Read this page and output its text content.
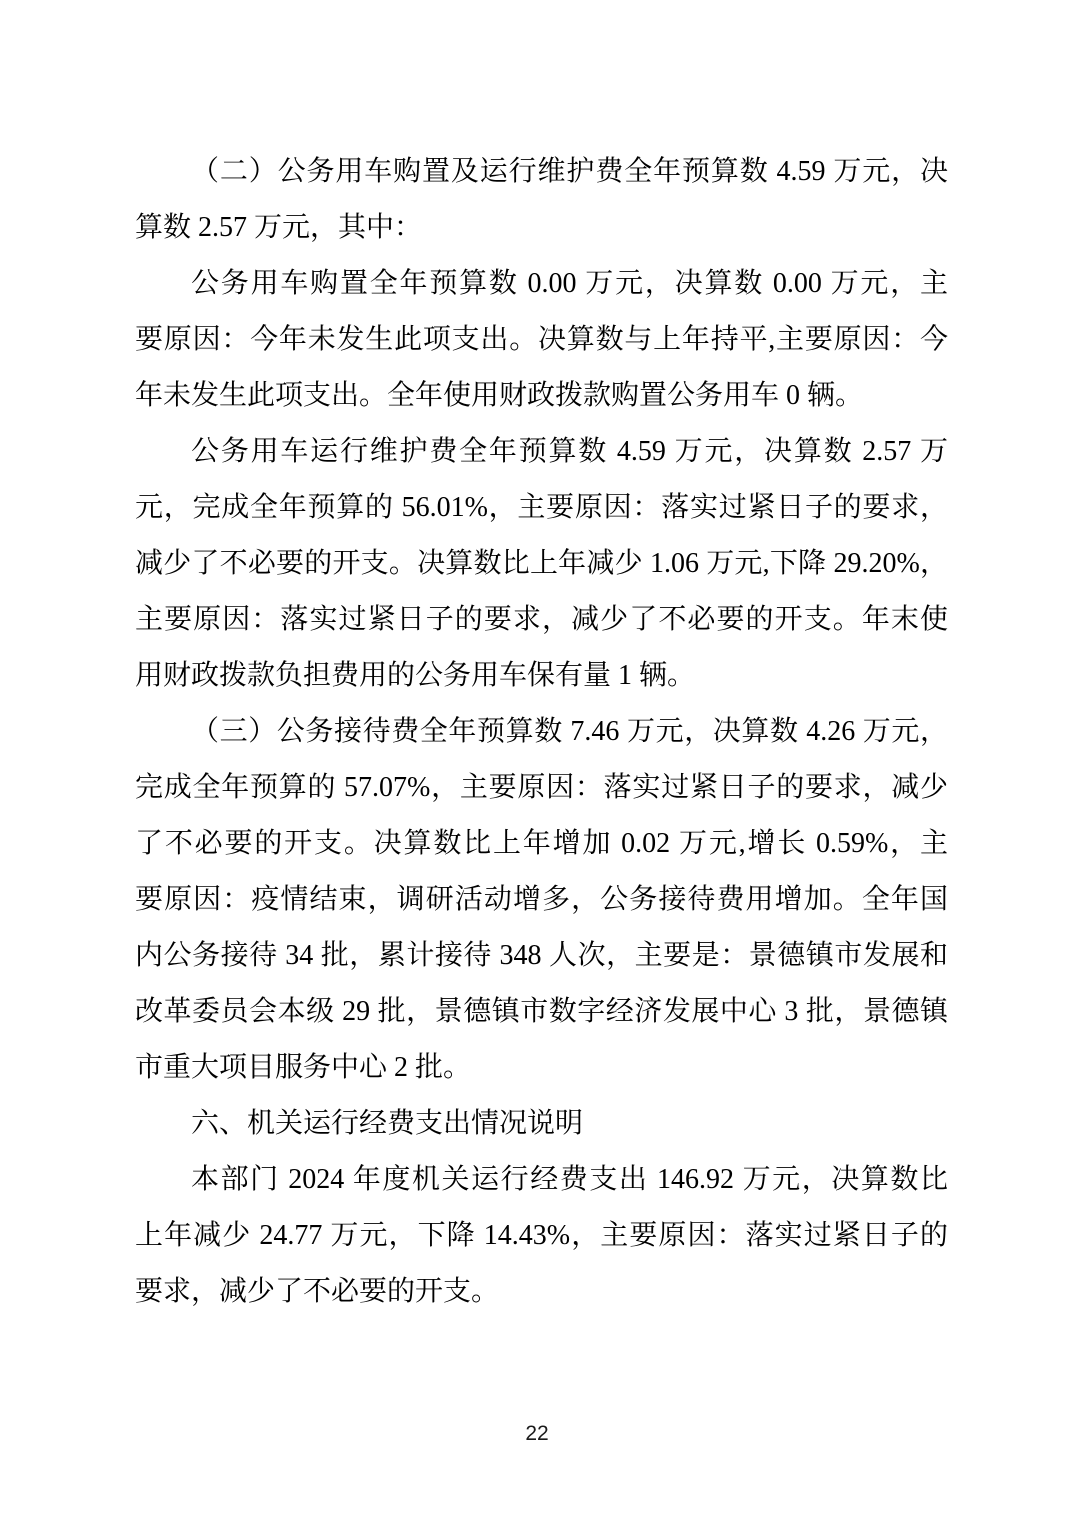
（二）公务用车购置及运行维护费全年预算数 4.59 万元，决
算数 2.57 万元，其中：
公务用车购置全年预算数 0.00 万元，决算数 0.00 万元，主
要原因：今年未发生此项支出。决算数与上年持平,主要原因：今
年未发生此项支出。全年使用财政拨款购置公务用车 0 辆。
公务用车运行维护费全年预算数 4.59 万元，决算数 2.57 万
元，完成全年预算的 56.01%，主要原因：落实过紧日子的要求，
减少了不必要的开支。决算数比上年减少 1.06 万元,下降 29.20%，
主要原因：落实过紧日子的要求，减少了不必要的开支。年末使
用财政拨款负担费用的公务用车保有量 1 辆。
（三）公务接待费全年预算数 7.46 万元，决算数 4.26 万元，
完成全年预算的 57.07%，主要原因：落实过紧日子的要求，减少
了不必要的开支。决算数比上年增加 0.02 万元,增长 0.59%，主
要原因：疫情结束，调研活动增多，公务接待费用增加。全年国
内公务接待 34 批，累计接待 348 人次，主要是：景德镇市发展和
改革委员会本级 29 批，景德镇市数字经济发展中心 3 批，景德镇
市重大项目服务中心 2 批。
六、机关运行经费支出情况说明
本部门 2024 年度机关运行经费支出 146.92 万元，决算数比
上年减少 24.77 万元，下降 14.43%，主要原因：落实过紧日子的
要求，减少了不必要的开支。
22
